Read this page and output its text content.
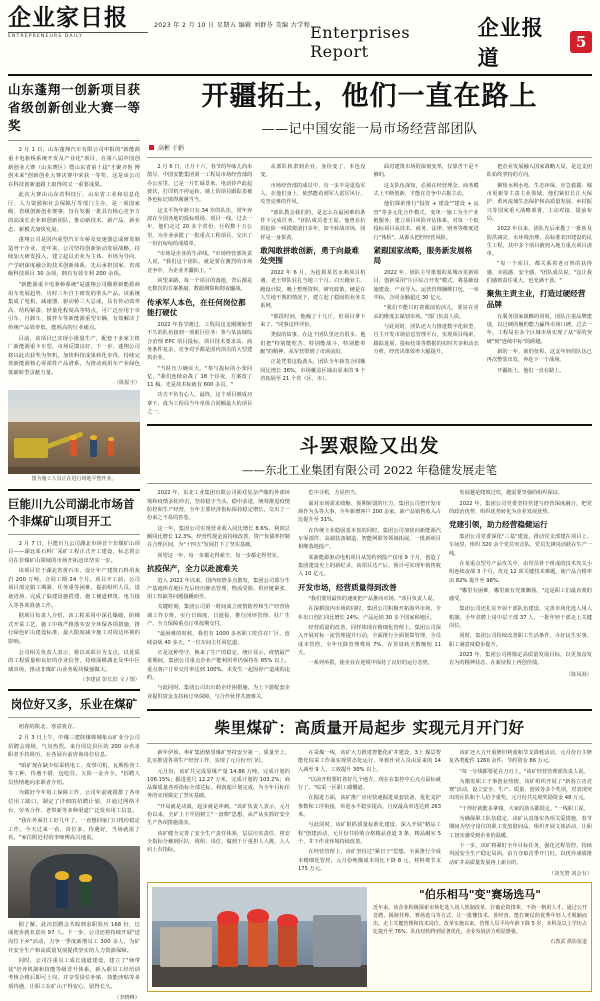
企业家日报
ENTREPRENEURS DAILY
2023 年 2 月 10 日 星期五 编辑 刘群芬 美编 古学和 Enterprises Report
企业报道
5
山东蓬翔一创新项目获省级创新创业大赛一等奖

2 月 1 日，山东蓬翔汽车有限公司申报的"新能源重卡电驱桥系统开发及产业化"项目，在第八届中国创新创业大赛（山东赛区）暨山东省第十届"才聚齐鲁 博创未来"创新创业大赛决赛中荣获一等奖，这是该公司在科技创新道路上取得的又一重要成果。

此次大赛由山东省科技厅、山东省工业和信息化厅、人力资源和社会保障厅等部门主办，是一项国家级、省级创新创业赛事，旨在发掘一批具有核心竞争力的高成长企业和创新团队，推动新技术、新产品、新业态、新模式加快发展。

蓬翔公司是国内重型汽车车桥及变速器总成研发制造骨干企业，近年来，公司坚持创新驱动发展战略，持续加大研发投入，建立起以企业为主体、市场为导向、产学研深度融合的技术创新体系，先后承担国家、省部级科技项目 30 余项，拥有有效专利 200 余项。

"新能源重卡电驱桥系统"是蓬翔公司瞄准新能源商用车发展趋势，历时三年自主研发的拳头产品。该系统集成了电机、减速器、驱动桥三大总成，具有传动效率高、结构紧凑、轻量化程度高等特点，可广泛应用于牵引车、自卸车、搅拌车等新能源重型车辆，有效解决了传统产品效率低、能耗高的行业痛点。

目前，该项目已实现小批量生产，配套于多家主机厂新能源重卡车型，市场反馈良好。下一步，蓬翔公司将以此次获奖为契机，加快科技成果转化步伐，持续完善新能源核心零部件产品谱系，为推动商用车产业绿色低碳转型贡献力量。

（陈振宇）
图为施工人员正在进行场地平整作业。
巨能川九公司湖北市场首个非煤矿山项目开工

2 月 7 日，巨能川九公司湖北市场首个非煤矿山项目——湖北某石料厂采矿工程正式开工建设，标志着公司在非煤矿山领域的市场开拓迈出坚实一步。

该项目位于湖北省黄石市，设计年产建筑石料用灰岩 200 万吨，合同工期 24 个月。项目开工前，公司项目部克服工期紧、任务重等困难，提前组织人员、设备进场，完成了临建设施搭建、施工便道修筑、电力接入等各项准备工作。

据项目负责人介绍，该工程采用中深孔爆破、阶梯式开采工艺，施工中将严格落实安全环保各项措施，推行绿色矿山建设标准，最大限度减少施工对周边环境的影响。

公司相关负责人表示，将以该项目为支点，以优质的工程质量和良好的企业信誉，持续深耕湖北及华中区域市场，推动非煤矿山业务板块做强做大。

（李建富 彭长滨 文 / 图）
岗位好又多，乐业在煤矿

初春的陕北，寒意犹存。

2 月 3 日上午，中煤三建陕煤韩城象山矿业分公司招聘会现场，气氛热烈。来自周边县区的 200 余名求职者手持简历，在各展台前咨询岗位信息。

"咱矿现在缺少综采机电工、皮带司机、瓦斯检查工等工种，待遇不错，包吃住，五险一金齐全。"招聘人员热情地向求职者介绍。

为做好今年用工保障工作，公司年前就摸排了各单位用工缺口，制定了详细的招聘计划，并通过网络平台、劳务合作、老带新等多种渠道广泛发布用工信息。

"我在外面打工好几年了，一直想回家门口找份稳定工作，今天过来一看，岗位多、待遇好，当场就报了名。"家住附近村的李师傅高兴地说。

据了解，此次招聘会共收到求职简历 168 份，达成初步就业意向 97 人。下一步，公司还将持续开展"送岗位下乡"活动，力争一季度新增员工 300 余人，为矿井安全生产和高质量发展提供坚实的人力资源保障。

同时，公司注重员工成长通道建设，建立了"师带徒"培养机制和技能等级晋升体系，新入职员工经培训考核合格后即可上岗，并享受岗位补贴、技能津贴等多项待遇，让职工在矿山干得安心、留得长久。

（李晓峰）
开疆拓土，他们一直在路上
——记中国安能一局市场经营部团队
高彬 于娟

2 月 6 日，正月十六，春节的年味儿尚未散尽，中国安能集团第一工程局市场经营部的办公室里，已是一片忙碌景象。电话铃声此起彼伏，打印机不停运转，墙上的项目跟踪表被各色标记填得满满当当。

这支平均年龄只有 34 岁的队伍，常年奔波在全国各地的投标现场、项目一线。过去一年，他们走过 20 多个省份，行程数十万公里，为企业承揽了一批重点工程项目，交出了一份沉甸甸的成绩单。

"市场是企业的生命线。"市场经营部负责人说，"我们这个团队，就是要在激烈的市场竞争中，为企业开疆拓土。"

回望来路，每一个项目的落地，背后都是无数次的方案推敲、数据测算和彻夜鏖战。

传承军人本色，在任何岗位都能打硬仗

2022 年春节刚过，工程局这支刚刚转型不久的队伍接到一项艰巨任务：参与某流域综合治理 EPC 项目投标。项目技术要求高、商务条件复杂，竞争对手都是国内顶尖的大型建筑企业。

"当时压力确实大。"参与投标的小张回忆，"我们连续奋战了 18 个昼夜，方案改了 11 稿，光是技术标就有 600 多页。"

功夫不负有心人。最终，这个项目被成功拿下，成为工程局当年单体合同额最大的项目之一。

从部队转隶到企业，身份变了，本色没变。

市场经营部的成员中，有一多半是退役军人。在他们身上，依然能看到军人雷厉风行、攻坚克难的作风。

"部队教会我们的，是怎么在最困难的条件下完成任务。"团队成员老王说。他曾在抗洪抢险一线摸爬滚打多年，如今转战市场，同样是一身拼劲。

敢闯敢拼敢创新，勇于向最难处突围

2022 年 6 月，为抢抓某省水利项目机遇，老王带队驻扎当地三个月。白天跑业主、跑设计院，晚上整理资料、研究政策，硬是在人生地不熟的情况下，建立起了稳固的业务关系网。

"那段时间，他瘦了十几斤，但项目拿下来了。"同事这样评价。

类似的故事，在这个团队里还有很多。他们把"特别能吃苦、特别能战斗、特别能奉献"的精神，从军营带到了市场前沿。

正是凭着这股劲头，团队全年新签合同额同比增长 36%，市场覆盖区域由原来的 9 个省拓展至 21 个省（区、市）。

面对建筑市场的深刻变革，仅靠苦干是不够的。

这支队伍深知，必须在经营理念、商务模式上不断创新，才能在竞争中占据主动。

他们探索推行"投资 + 建设""建设 + 运营"等多元化合作模式，变单一施工为全产业链服务；建立项目风险评估体系，对每一个拟投标项目从技术、商务、法律、财务等维度进行"体检"，从源头把控经营风险。

紧跟国家战略，服务新发展格局

2022 年，团队主导策划的某城市更新项目，创新采用"片区综合开发"模式，将基础设施建设、产业导入、运营管理捆绑打包，一举中标，合同金额超过 30 亿元。

"我们不能只盯着眼前的活儿，要站在更高的维度去谋划市场。"部门负责人说。

与此同时，团队还大力推进数字化转型，自主开发市场信息管理平台，实现项目线索、跟踪进展、投标结果等数据的实时共享和动态分析，经营决策效率大幅提升。

把企业发展融入国家战略大局，是这支团队始终坚持的方向。

聚焦水利水电、生态环保、应急救援、城市更新等主责主业领域，他们紧盯长江大保护、黄河流域生态保护和高质量发展、乡村振兴等国家重大战略部署，主动对接、提前布局。

2022 年以来，团队先后承揽了一批涉及防洪减灾、水环境治理、高标准农田建设的民生工程，其中多个项目被列入地方重点项目清单。

"每一个项目，都关系着老百姓的获得感、幸福感、安全感。"团队成员说，"这让我们感到责任重大，也充满干劲。"

聚焦主责主业，打造过硬经营品牌

在服务国家战略的同时，团队注重品牌建设，以过硬的履约能力赢得市场口碑。过去一年，工程局在多个区域市场实现了从"零的突破"到"连续中标"的跨越。

新的一年，新的征程。这支年轻的队伍已再次整装出发，奔赴下一个战场。

开疆拓土，他们一直在路上。

斗罢艰险又出发
——东北工业集团有限公司 2022 年稳健发展走笔

2022 年，东北工业集团有限公司面对复杂严峻的外部环境和疫情多轮冲击，坚持稳字当头、稳中求进，统筹推进疫情防控和生产经营，全年主要经济指标保持稳定增长，交出了一份来之不易的答卷。

这一年，集团公司实现营业收入同比增长 8.6%，利润总额同比增长 12.3%，经营性现金流持续改善，资产负债率控制在合理区间，为"十四五"发展打下了坚实基础。

回望这一年，每一步都走得艰辛，每一步都走得坚实。

抗疫保产，全力以赴渡难关

进入 2022 年以来，国内疫情多点散发，集团公司部分生产基地所在地区先后经历静态管理，物流受阻、供应链紧张、用工短缺等问题接踵而至。

关键时刻，集团公司第一时间成立疫情防控和生产经营协调工作专班，实行日调度、日通报，推行闭环管理、驻厂生产，全力保障重点订单按期交付。

"最困难的时候，我们有 1000 多名职工吃住在厂区，连续奋战 40 多天。"一位车间主任回忆道。

正是这种坚守，换来了生产的稳定。统计显示，疫情最严重期间，集团公司重点企业产能利用率仍保持在 85% 以上，重点客户订单交付率达到 100%，未发生一起因停产造成的违约。

与此同时，集团公司出台助企纾困措施，为上下游配套企业提供资金支持和订单保障，与合作伙伴共渡难关。

危中寻机，方显担当。

面对市场需求收缩、预期转弱的压力，集团公司把开发市场作为头等大事，全年新增客户 200 余家，新产品销售收入占比提升至 31%。

在传统主业稳固基本盘的同时，集团公司加快向新能源汽车零部件、高端装备制造、智能网联等领域拓展，一批新项目相继落地投产。

某新能源驱动电机项目从签约到投产仅用 9 个月，创造了集团建设史上的新纪录。该项目达产后，预计可实现年销售收入 10 亿元。

开发市场，经营质量得到改善

"我们要用最快的速度把产品推向市场。"项目负责人说。

在深耕国内市场的同时，集团公司积极开拓海外市场，全年出口创汇同比增长 24%，产品远销 30 多个国家和地区。

经营质量的改善，同样体现在精细化管理上。集团公司深入开展对标一流管理提升行动，全面推行全面预算管理、全员成本管控，全年压降管理费用 7%，存货周转天数缩短 11 天。

一系列举措，使企业在逆境中保持了良好的运行态势。

发展越是爬坡过坎，越需要坚强的组织保证。

2022 年，集团公司党委坚持党建与经营深度融合，把党的政治优势、组织优势转化为企业发展优势。

党建引领，助力经营稳健运行

集团公司党委深化"三基"建设，推动党支部建在项目上、车间里，组织 320 余个党员突击队、党员先锋岗活跃在生产一线。

在某重点型号产品攻关中，由党员骨干组成的技术攻关小组连续奋战 3 个月，攻克 12 项关键技术难题，使产品合格率由 82% 提升至 98%。

"哪里有困难，哪里就有党旗飘扬。"这是职工们最直观的感受。

集团公司还扎实开展干部队伍建设，完善市场化选人用人机制，全年竞聘上岗中层干部 37 人，一批年轻干部走上关键岗位。

同时，集团公司持续改善职工生活条件，办好民生实事，职工满意度稳步提升。

2023 年，集团公司将锚定高质量发展目标，以更加奋发有为的精神状态，在新征程上再创佳绩。

（陈凤海）
柴里煤矿：高质量开局起步 实现元月开门好

新年伊始，枣矿集团柴里煤矿坚持安全第一、质量至上，扎实推进各项生产经营工作，实现了元月份开门红。

元月份，该矿共完成原煤产量 14.86 万吨，完成计划的 106.15%；掘进进尺 12.27 万米，完成计划的 103.2%；商品煤质量各项指标全部达标，利润超计划完成，为全年目标任务的实现奠定了坚实基础。

"开局就是决战，起步就是冲刺。"该矿负责人表示，元月份以来，全矿上下牢固树立"一盘棋"思想，从严从实抓好安全生产各项措施落实。

该矿健全完善了安全生产责任体系，层层压实责任，将安全指标分解到区队、班组、岗位，做到千斤重担人人挑、人人肩上有指标。

在采煤一线，该矿大力推进智能化矿井建设，3上 煤层智能化综采工作面实现常态化运行，单班作业人员由原来的 14 人减至 9 人，工效提升 30% 以上。

"以前开机要盯着好几个地方，现在在集控中心点点鼠标就行了。"综采一区职工感慨道。

在掘进方面，该矿推广应用快速掘进成套装备，优化支护参数和工序衔接，单进水平稳步提高，月度最高单进达到 263 米。

与此同时，该矿狠抓质量标准化建设，深入开展"精品工程"创建活动，元月份共验收合格精品巷道 3 条、精品硐室 5 个，井下作业环境持续改善。

在经营管理上，该矿坚持过"紧日子"思想，全面推行全成本精细化管控，元月份吨煤成本同比下降 8 元，材料费节支 175 万元。

该矿还大力开展修旧利废和节支降耗活动，元月份自主修复各类配件 1260 余件，节约资金 86 万元。

"每一分钱都要花在刀刃上。"该矿经营管理部负责人说。

为激发职工干事创业热情，该矿组织开展了"新春立功竞赛"活动，设立安全、生产、质量、创效等多个奖项，对表现突出的区队和个人给予重奖。元月份共兑现奖励资金 48 万元。

"干得好就能多拿钱，大家的劲头都很足。"一线职工说。

为确保职工队伍稳定，该矿认真落实各项关爱措施，春节期间为坚守岗位的职工发放慰问品，组织开展文体活动，让职工切实感受到企业的温暖。

下一步，该矿将紧盯全年目标任务，强化过程管控，持续巩固安全生产稳定局面，奋力夺取首季开门红，以优异成绩推动矿井高质量发展再上新台阶。

（刘光赞 刘会有）
"伯乐相马"变"赛场选马"
近年来，该企业积极探索市场化选人用人机制改革，打破论资排辈，不拘一格用人才。通过公开竞聘、揭榜挂帅、赛场选马等方式，让一批懂技术、善经营、能打硬仗的优秀年轻人才脱颖而出，走上关键管理和技术岗位。改革实施以来，管理人员平均年龄下降 5 岁，本科及以上学历占比提升至 76%，队伍结构得到显著优化，企业发展活力明显增强。
石教武 摄影报道
